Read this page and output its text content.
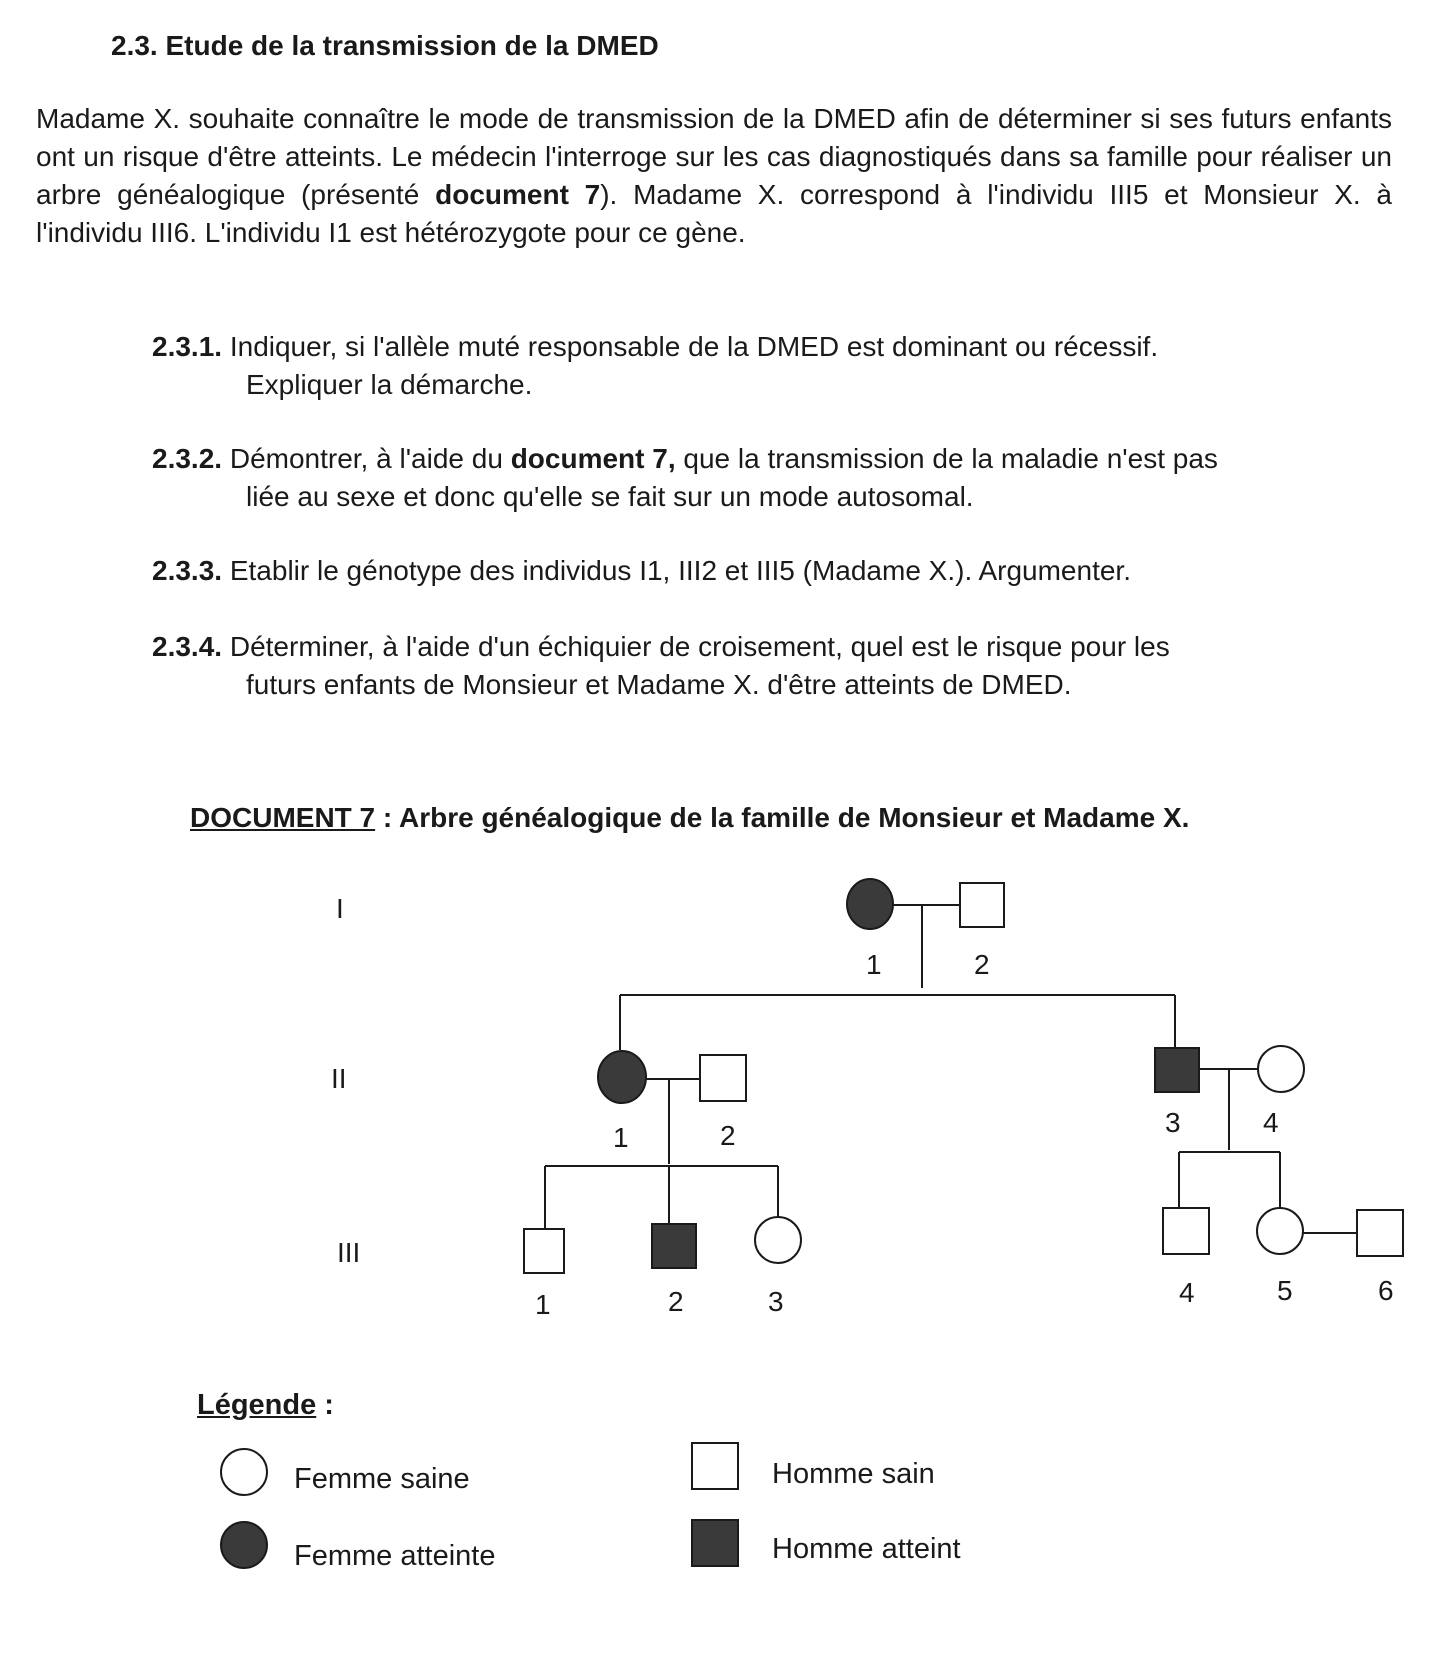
2.3. Etude de la transmission de la DMED
Madame X. souhaite connaître le mode de transmission de la DMED afin de déterminer si ses futurs enfants ont un risque d'être atteints. Le médecin l'interroge sur les cas diagnostiqués dans sa famille pour réaliser un arbre généalogique (présenté document 7). Madame X. correspond à l'individu III5 et Monsieur X. à l'individu III6. L'individu I1 est hétérozygote pour ce gène.
2.3.1. Indiquer, si l'allèle muté responsable de la DMED est dominant ou récessif.
Expliquer la démarche.
2.3.2. Démontrer, à l'aide du document 7, que la transmission de la maladie n'est pas
liée au sexe et donc qu'elle se fait sur un mode autosomal.
2.3.3. Etablir le génotype des individus I1, III2 et III5 (Madame X.). Argumenter.
2.3.4. Déterminer, à l'aide d'un échiquier de croisement, quel est le risque pour les
futurs enfants de Monsieur et Madame X. d'être atteints de DMED.
DOCUMENT 7 : Arbre généalogique de la famille de Monsieur et Madame X.
I
II
III
1	2
1	2	3	4
1	2	3	4	5	6
Légende :
Femme saine
Femme atteinte
Homme sain
Homme atteint
